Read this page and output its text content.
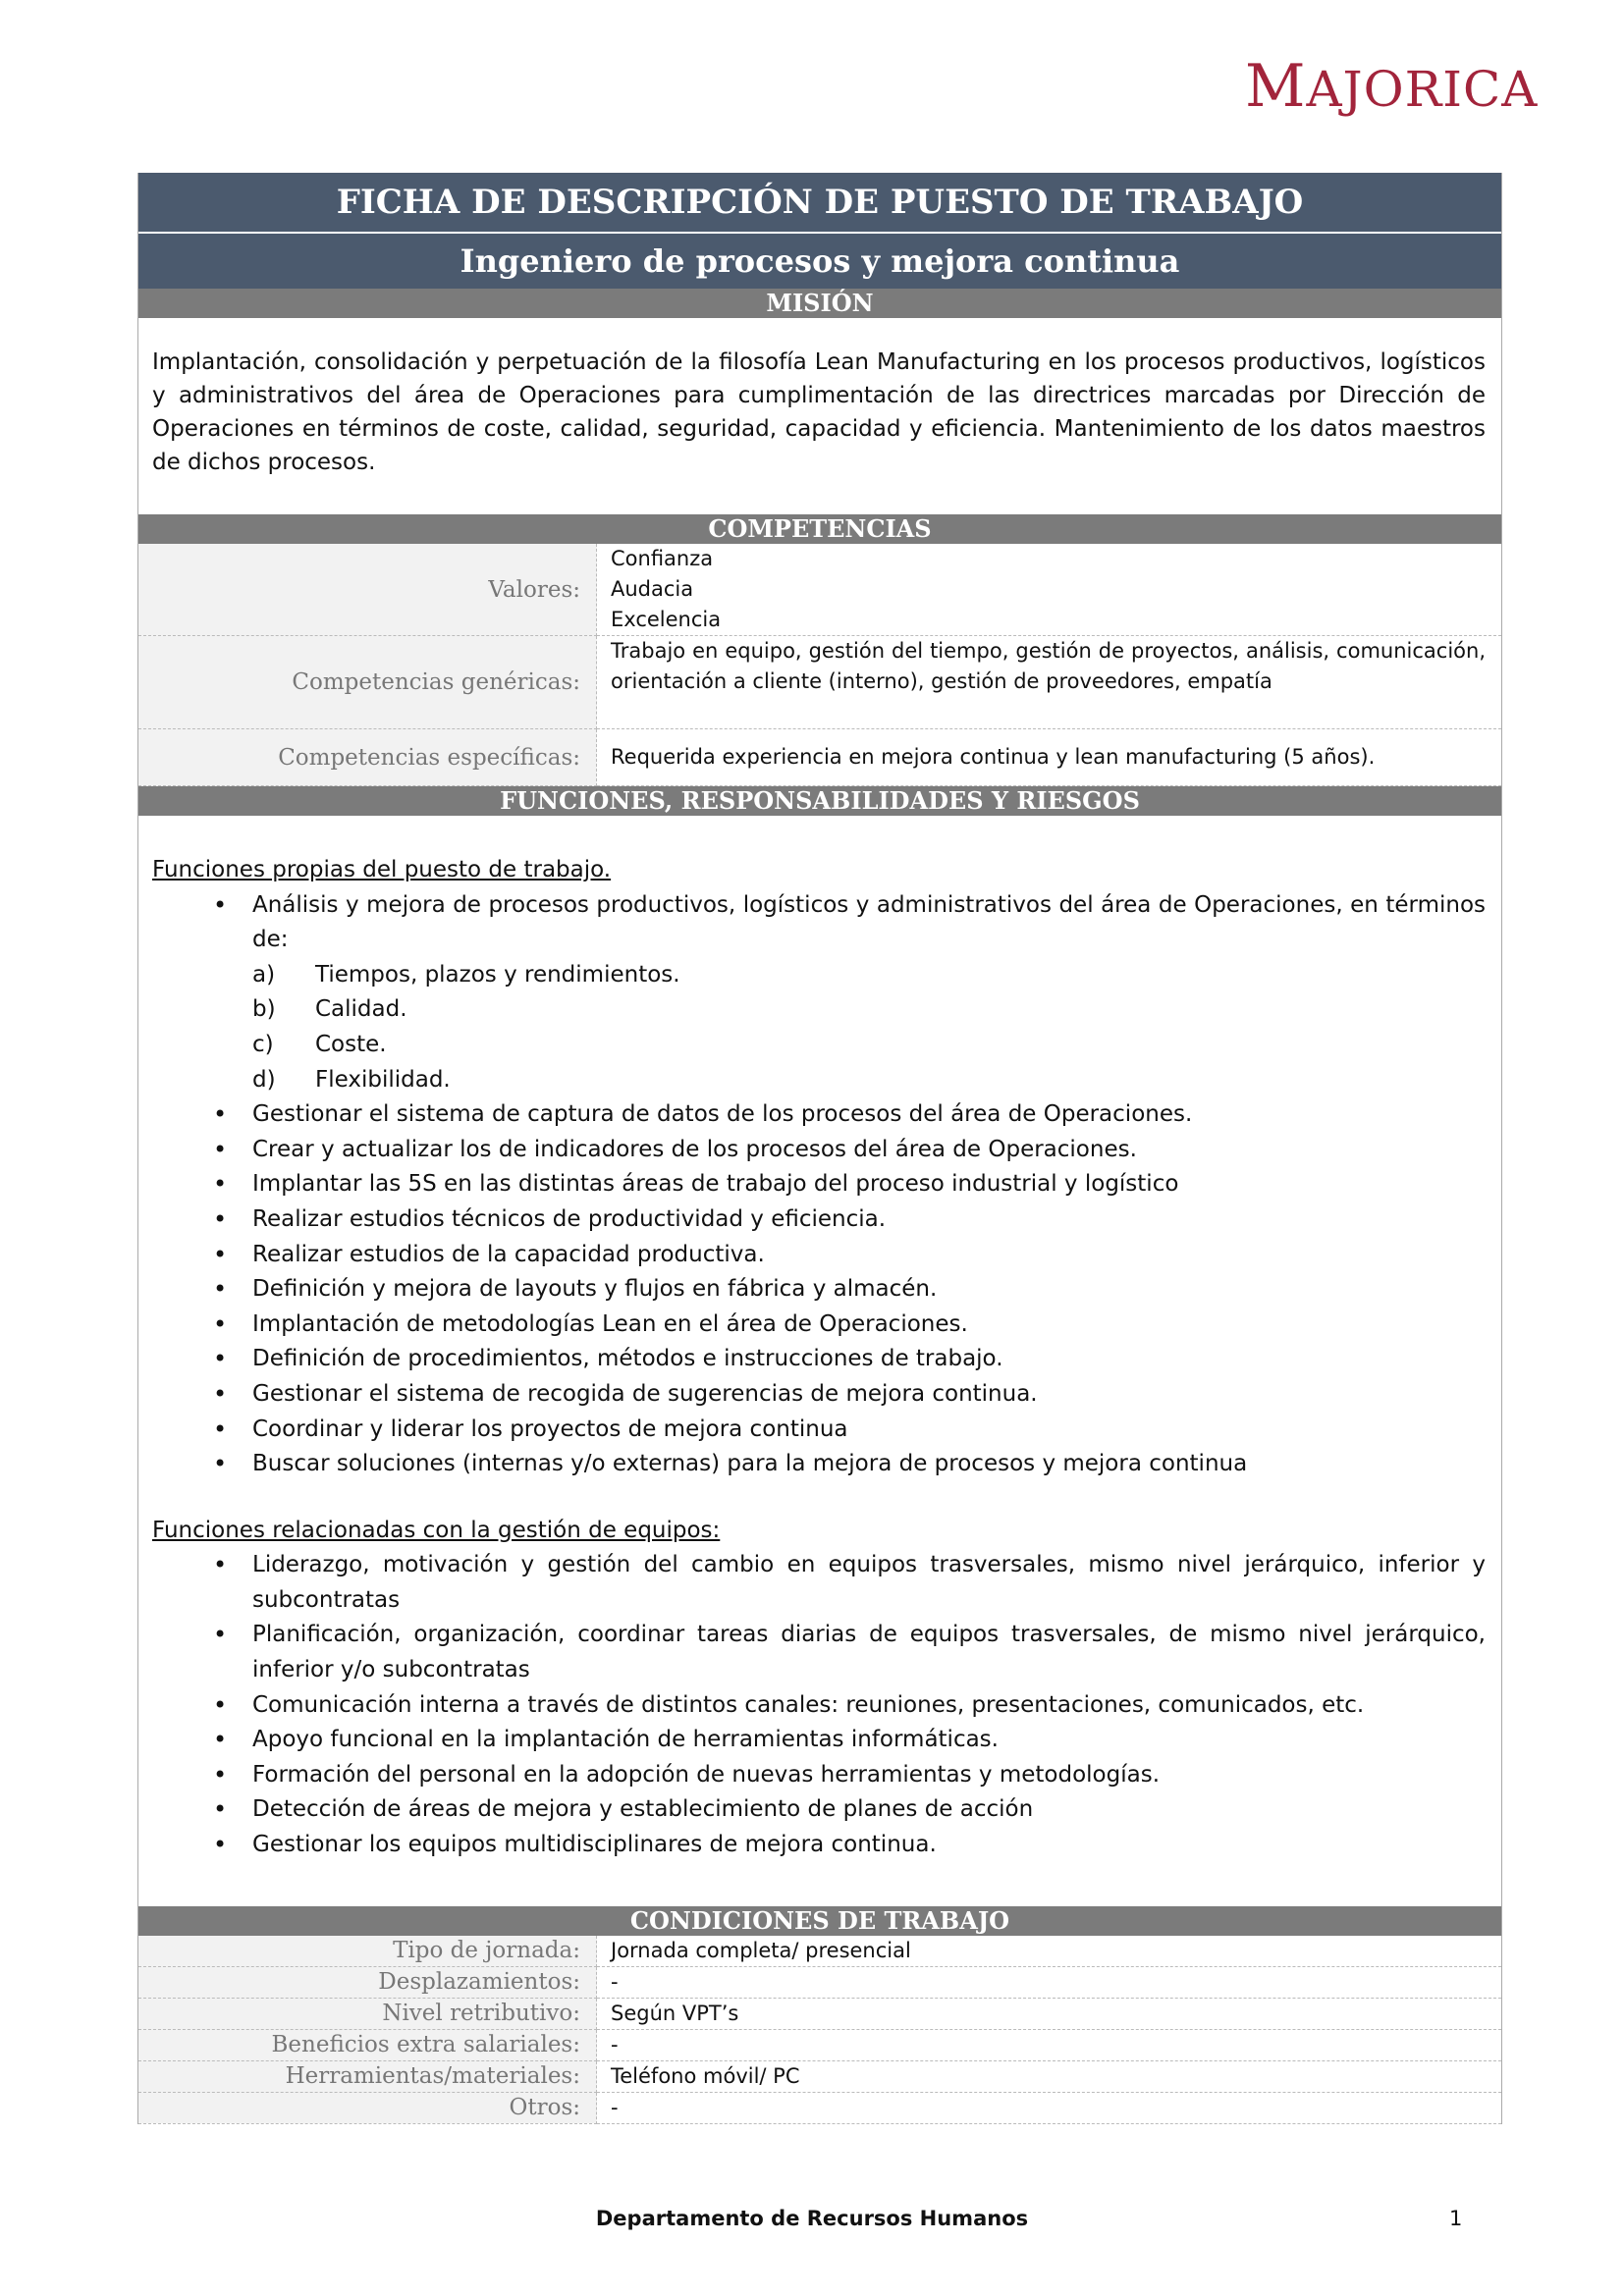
MAJORICA
FICHA DE DESCRIPCIÓN DE PUESTO DE TRABAJO
Ingeniero de procesos y mejora continua
MISIÓN
Implantación, consolidación y perpetuación de la filosofía Lean Manufacturing en los procesos productivos, logísticos y administrativos del área de Operaciones para cumplimentación de las directrices marcadas por Dirección de Operaciones en términos de coste, calidad, seguridad, capacidad y eficiencia. Mantenimiento de los datos maestros de dichos procesos.
COMPETENCIAS
Valores:	Confianza
Audacia
Excelencia

Competencias genéricas:	Trabajo en equipo, gestión del tiempo, gestión de proyectos, análisis, comunicación, orientación a cliente (interno), gestión de proveedores, empatía
Competencias específicas:	Requerida experiencia en mejora continua y lean manufacturing (5 años).
FUNCIONES, RESPONSABILIDADES Y RIESGOS
Funciones propias del puesto de trabajo.
• Análisis y mejora de procesos productivos, logísticos y administrativos del área de Operaciones, en términos de:
a) Tiempos, plazos y rendimientos.
b) Calidad.
c) Coste.
d) Flexibilidad.
• Gestionar el sistema de captura de datos de los procesos del área de Operaciones.
• Crear y actualizar los de indicadores de los procesos del área de Operaciones.
• Implantar las 5S en las distintas áreas de trabajo del proceso industrial y logístico
• Realizar estudios técnicos de productividad y eficiencia.
• Realizar estudios de la capacidad productiva.
• Definición y mejora de layouts y flujos en fábrica y almacén.
• Implantación de metodologías Lean en el área de Operaciones.
• Definición de procedimientos, métodos e instrucciones de trabajo.
• Gestionar el sistema de recogida de sugerencias de mejora continua.
• Coordinar y liderar los proyectos de mejora continua
• Buscar soluciones (internas y/o externas) para la mejora de procesos y mejora continua
Funciones relacionadas con la gestión de equipos:
• Liderazgo, motivación y gestión del cambio en equipos trasversales, mismo nivel jerárquico, inferior y subcontratas
• Planificación, organización, coordinar tareas diarias de equipos trasversales, de mismo nivel jerárquico, inferior y/o subcontratas
• Comunicación interna a través de distintos canales: reuniones, presentaciones, comunicados, etc.
• Apoyo funcional en la implantación de herramientas informáticas.
• Formación del personal en la adopción de nuevas herramientas y metodologías.
• Detección de áreas de mejora y establecimiento de planes de acción
• Gestionar los equipos multidisciplinares de mejora continua.
CONDICIONES DE TRABAJO
Tipo de jornada:	Jornada completa/ presencial
Desplazamientos:	-
Nivel retributivo:	Según VPT’s
Beneficios extra salariales:	-
Herramientas/materiales:	Teléfono móvil/ PC
Otros:	-
Departamento de Recursos Humanos	1
